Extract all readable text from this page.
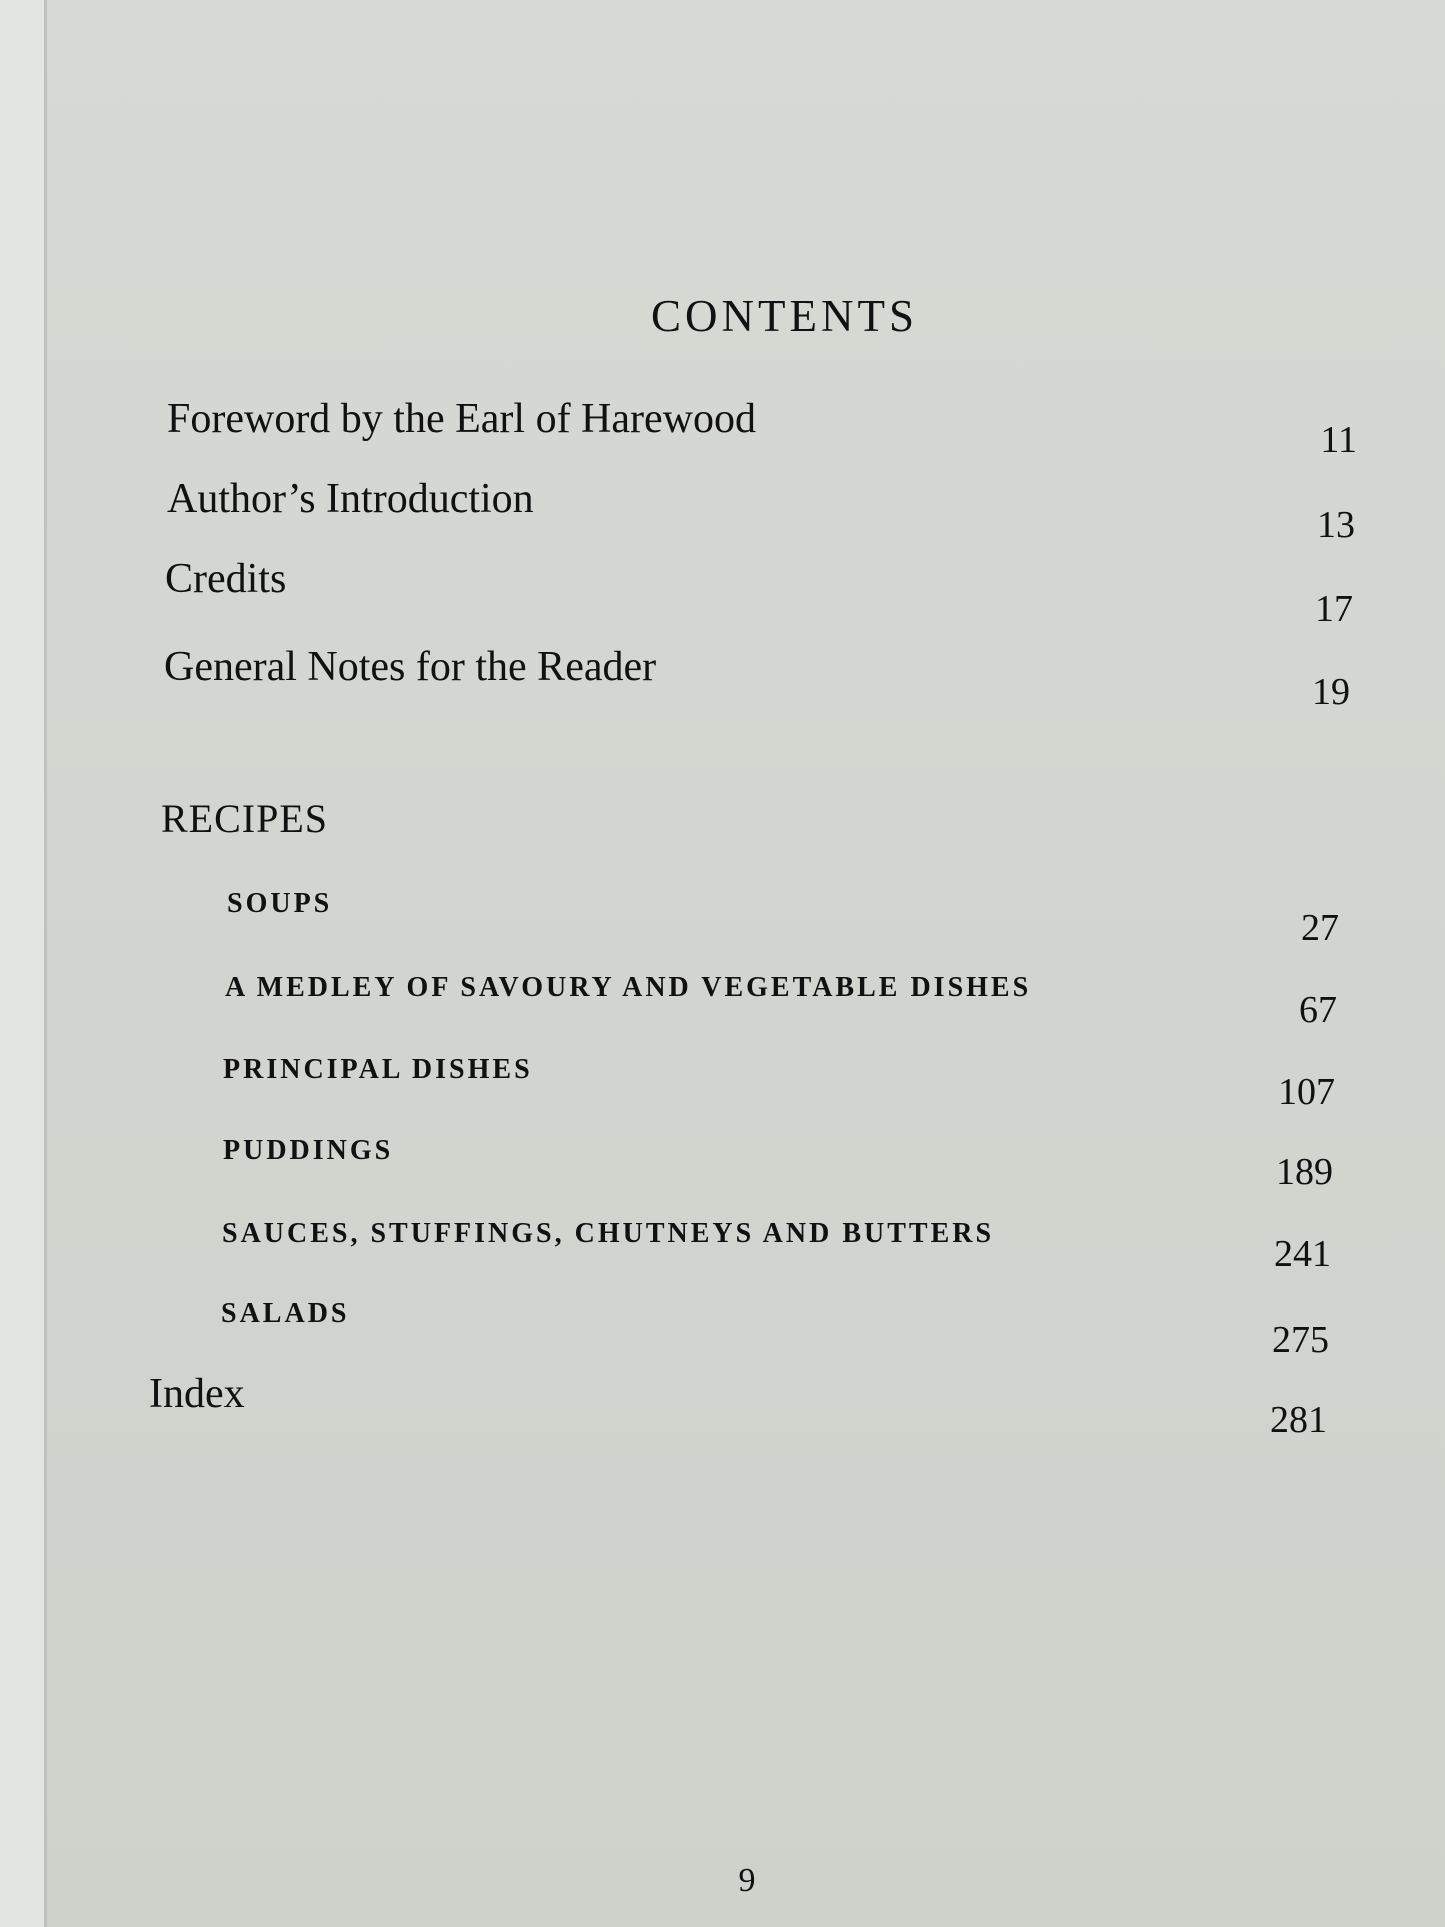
CONTENTS
Foreword by the Earl of Harewood	11
Author’s Introduction
13
Credits
17
General Notes for the Reader
19
RECIPES
SOUPS
27
A MEDLEY OF SAVOURY AND VEGETABLE DISHES
67
PRINCIPAL DISHES
107
PUDDINGS
189
SAUCES, STUFFINGS, CHUTNEYS AND BUTTERS	241
SALADS
275
Index
281
9
